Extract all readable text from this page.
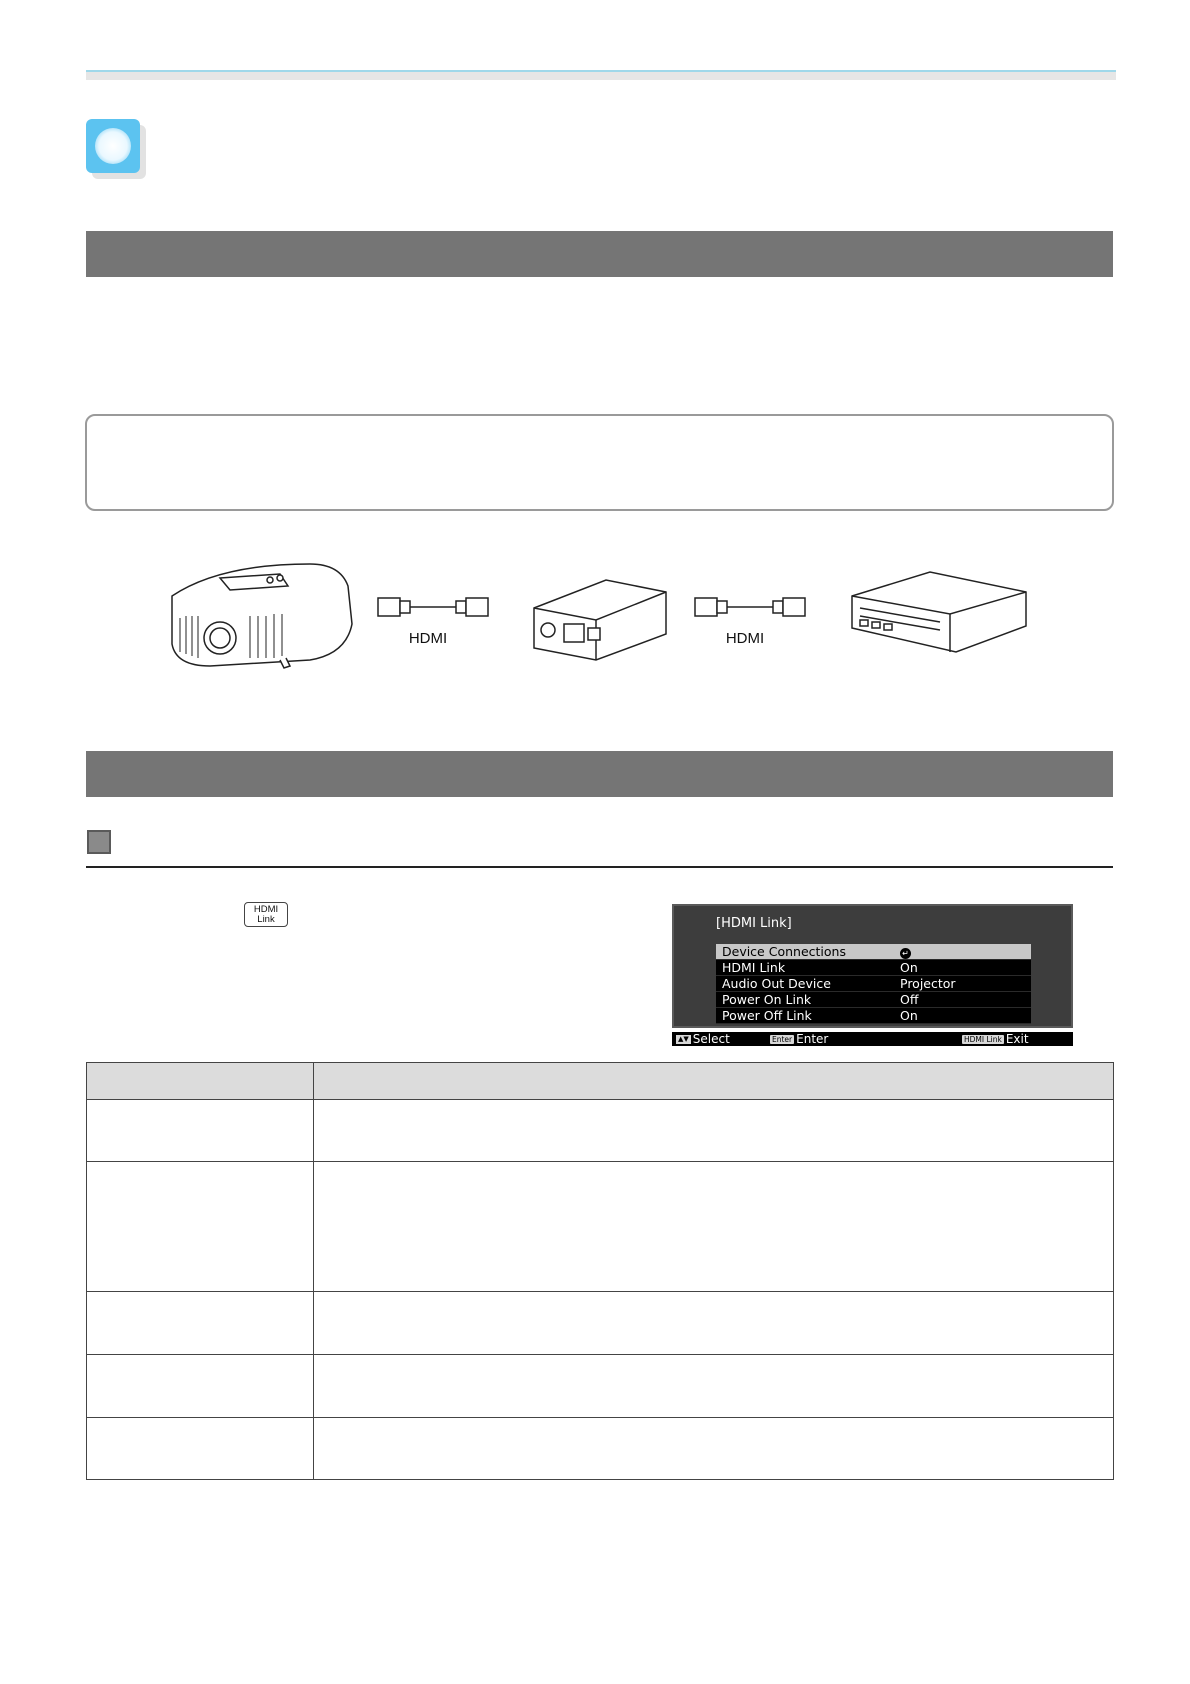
HDMI	HDMI
HDMI
Link	[HDMI Link]
Device Connections	↵
HDMI Link	On
Audio Out Device	Projector
Power On Link	Off
Power Off Link	On
▲▼ Select	Enter Enter	HDMI Link Exit
